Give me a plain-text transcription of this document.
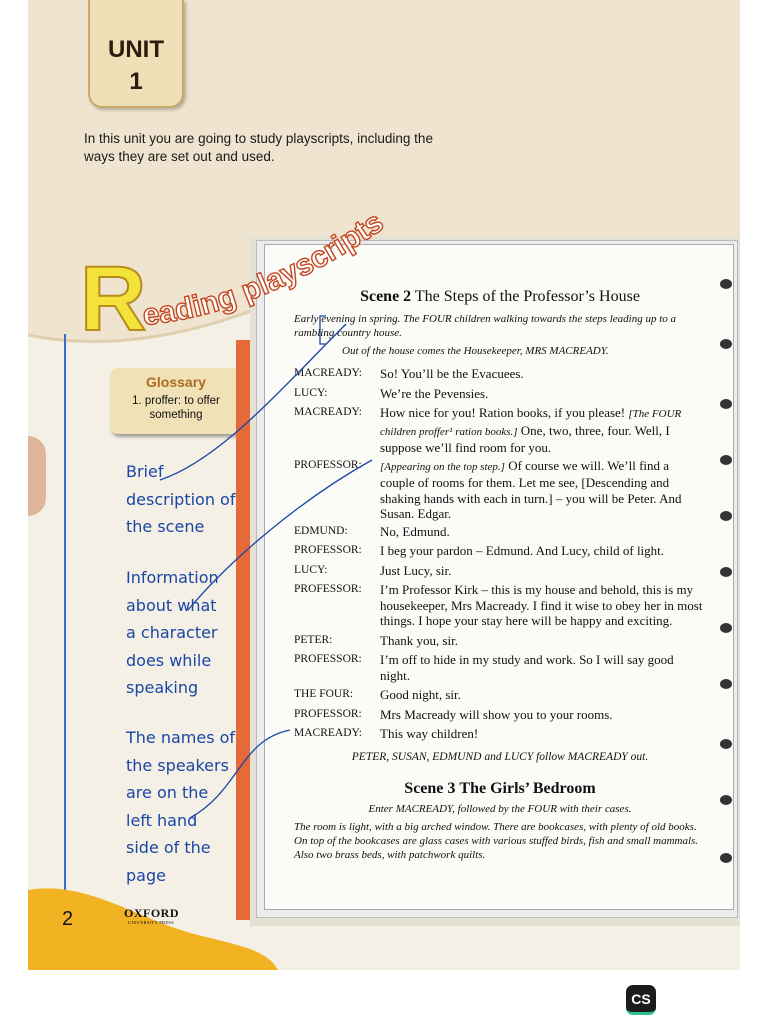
UNIT
1
In this unit you are going to study playscripts, including the ways they are set out and used.
Glossary
1. proffer: to offer something
Brief
description of
the scene
Information
about what
a character
does while
speaking
The names of
the speakers
are on the
left hand
side of the
page
2	OXFORD
UNIVERSITY PRESS
R
eading playscripts

Scene 2 The Steps of the Professor’s House

Early evening in spring. The FOUR children walking towards the steps leading up to a rambling country house.
Out of the house comes the Housekeeper, MRS MACREADY.
MACREADY:	So! You’ll be the Evacuees.
LUCY:	We’re the Pevensies.
MACREADY:	How nice for you! Ration books, if you please! [The FOUR children proffer¹ ration books.] One, two, three, four. Well, I suppose we’ll find room for you.
PROFESSOR:	[Appearing on the top step.] Of course we will. We’ll find a couple of rooms for them. Let me see, [Descending and shaking hands with each in turn.] – you will be Peter. And Susan. Edgar.
EDMUND:	No, Edmund.
PROFESSOR:	I beg your pardon – Edmund. And Lucy, child of light.
LUCY:	Just Lucy, sir.
PROFESSOR:	I’m Professor Kirk – this is my house and behold, this is my housekeeper, Mrs Macready. I find it wise to obey her in most things. I hope your stay here will be happy and exciting.
PETER:	Thank you, sir.
PROFESSOR:	I’m off to hide in my study and work. So I will say good night.
THE FOUR:	Good night, sir.
PROFESSOR:	Mrs Macready will show you to your rooms.
MACREADY:	This way children!
PETER, SUSAN, EDMUND and LUCY follow MACREADY out.

Scene 3 The Girls’ Bedroom

Enter MACREADY, followed by the FOUR with their cases.
The room is light, with a big arched window. There are bookcases, with plenty of old books. On top of the bookcases are glass cases with various stuffed birds, fish and small mammals. Also two brass beds, with patchwork quilts.
CS
